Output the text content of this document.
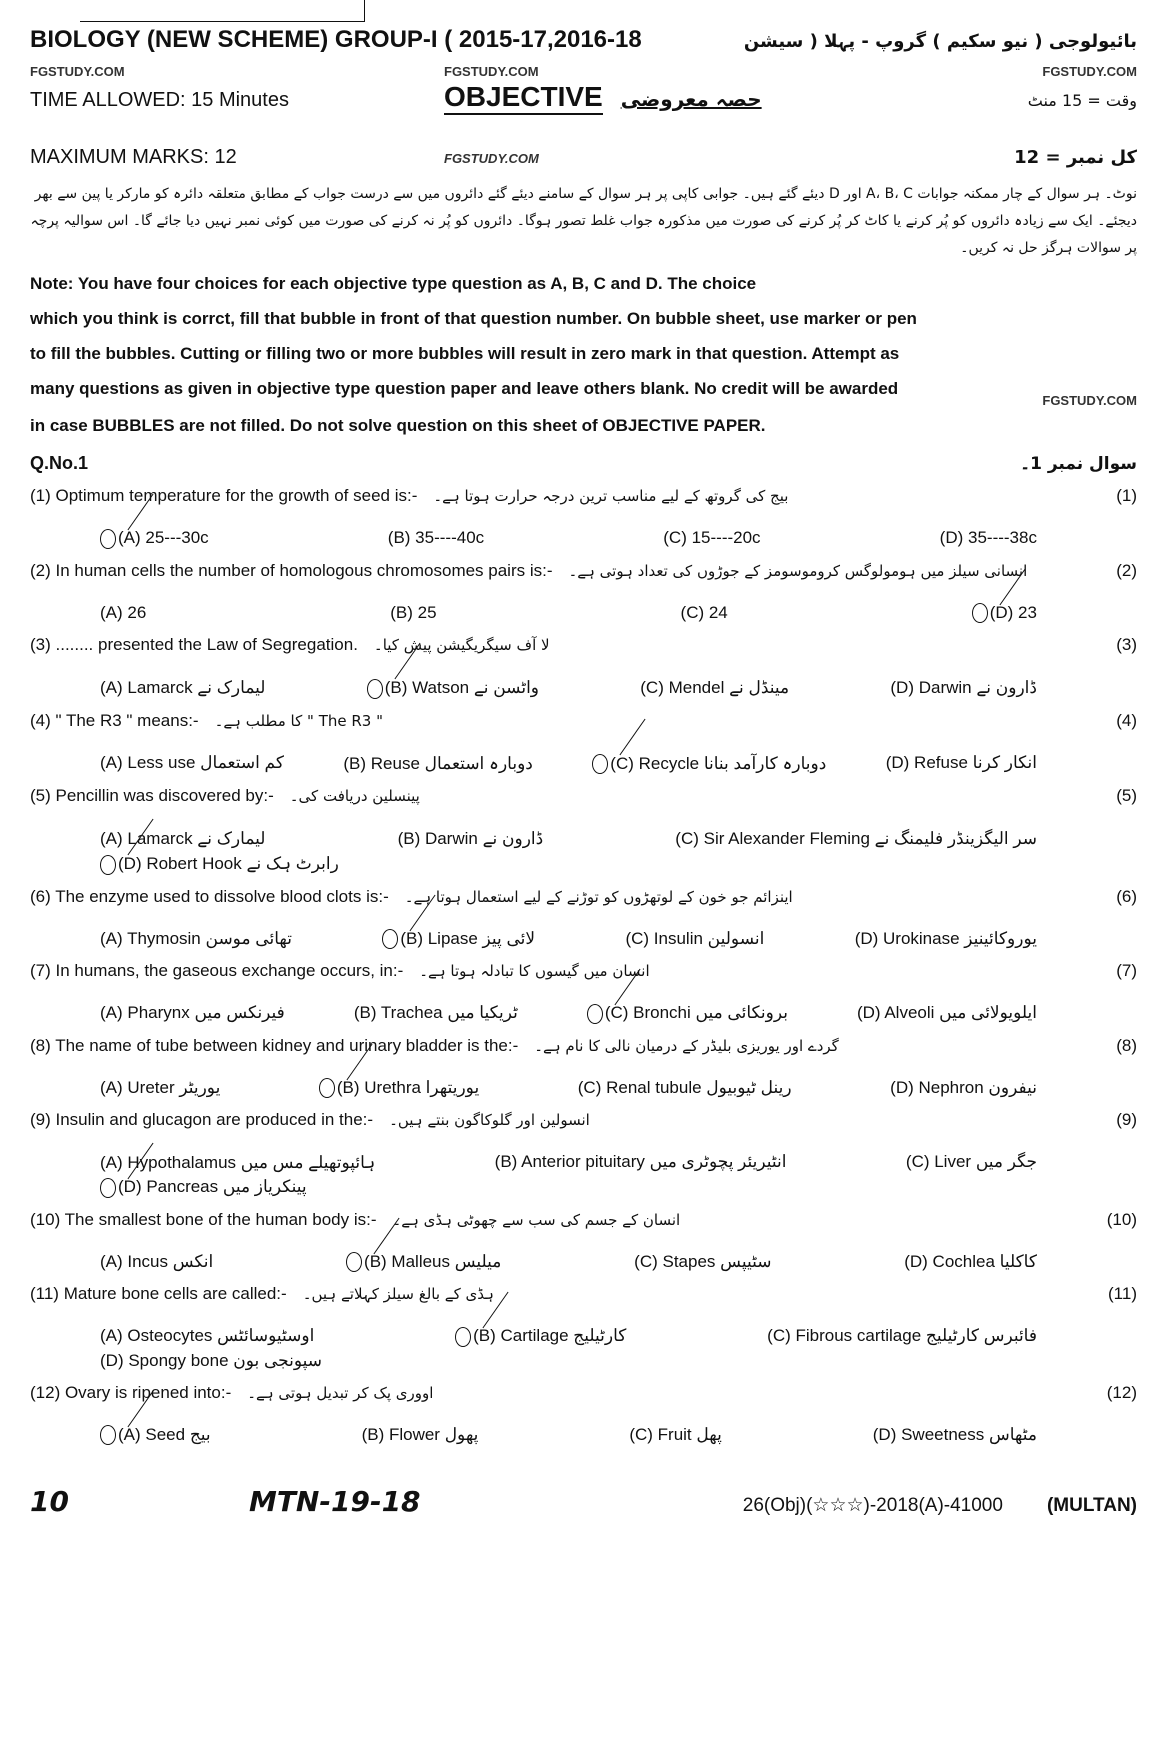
BIOLOGY (NEW SCHEME) GROUP-I ( 2015-17,2016-18	بائیولوجی ( نیو سکیم ) گروپ - پہلا ( سیشن
FGSTUDY.COM	FGSTUDY.COM	FGSTUDY.COM
TIME ALLOWED: 15 Minutes	OBJECTIVE حصہ معروضی	وقت = 15 منٹ
MAXIMUM MARKS: 12	FGSTUDY.COM	کل نمبر = 12
نوٹ۔ ہر سوال کے چار ممکنہ جوابات A، B، C اور D دیئے گئے ہیں۔ جوابی کاپی پر ہر سوال کے سامنے دیئے گئے دائروں میں سے درست جواب کے مطابق متعلقہ دائرہ کو مارکر یا پین سے بھر دیجئے۔ ایک سے زیادہ دائروں کو پُر کرنے یا کاٹ کر پُر کرنے کی صورت میں مذکورہ جواب غلط تصور ہوگا۔ دائروں کو پُر نہ کرنے کی صورت میں کوئی نمبر نہیں دیا جائے گا۔ اس سوالیہ پرچہ پر سوالات ہرگز حل نہ کریں۔
Note: You have four choices for each objective type question as A, B, C and D. The choice
which you think is corrct, fill that bubble in front of that question number. On bubble sheet, use marker or pen
to fill the bubbles. Cutting or filling two or more bubbles will result in zero mark in that question. Attempt as
many questions as given in objective type question paper and leave others blank. No credit will be awarded
FGSTUDY.COM
in case BUBBLES are not filled. Do not solve question on this sheet of OBJECTIVE PAPER.
Q.No.1	سوال نمبر 1۔
(1) Optimum temperature for the growth of seed is:- بیج کی گروتھ کے لیے مناسب ترین درجہ حرارت ہوتا ہے۔	(1)
(A) 25---30c	(B) 35----40c	(C) 15----20c	(D) 35----38c
(2) In human cells the number of homologous chromosomes pairs is:- انسانی سیلز میں ہومولوگس کروموسومز کے جوڑوں کی تعداد ہوتی ہے۔	(2)
(A) 26	(B) 25	(C) 24	(D) 23
(3) ........ presented the Law of Segregation. لا آف سیگریگیشن پیش کیا۔	(3)
(A) Lamarck لیمارک نے	(B) Watson واٹسن نے	(C) Mendel مینڈل نے	(D) Darwin ڈارون نے
(4) " The R3 " means:- " The R3 " کا مطلب ہے۔	(4)
(A) Less use کم استعمال	(B) Reuse دوبارہ استعمال	(C) Recycle دوبارہ کارآمد بنانا	(D) Refuse انکار کرنا
(5) Pencillin was discovered by:- پینسلین دریافت کی۔	(5)
(A) Lamarck لیمارک نے	(B) Darwin ڈارون نے	(C) Sir Alexander Fleming سر الیگزینڈر فلیمنگ نے
(D) Robert Hook رابرٹ ہک نے
(6) The enzyme used to dissolve blood clots is:- اینزائم جو خون کے لوتھڑوں کو توڑنے کے لیے استعمال ہوتا ہے۔	(6)
(A) Thymosin تھائی موسن	(B) Lipase لائی پیز	(C) Insulin انسولین	(D) Urokinase یوروکائینیز
(7) In humans, the gaseous exchange occurs, in:- انسان میں گیسوں کا تبادلہ ہوتا ہے۔	(7)
(A) Pharynx فیرنکس میں	(B) Trachea ٹریکیا میں	(C) Bronchi برونکائی میں	(D) Alveoli ایلویولائی میں
(8) The name of tube between kidney and urinary bladder is the:- گردے اور یوریزی بلیڈر کے درمیان نالی کا نام ہے۔	(8)
(A) Ureter یوریٹر	(B) Urethra یوریتھرا	(C) Renal tubule رینل ٹیوبیول	(D) Nephron نیفرون
(9) Insulin and glucagon are produced in the:- انسولین اور گلوکاگون بنتے ہیں۔	(9)
(A) Hypothalamus ہائپوتھیلے مس میں	(B) Anterior pituitary انٹیریئر پچوٹری میں	(C) Liver جگر میں
(D) Pancreas پینکریاز میں
(10) The smallest bone of the human body is:- انسان کے جسم کی سب سے چھوٹی ہڈی ہے۔	(10)
(A) Incus انکس	(B) Malleus میلیس	(C) Stapes سٹیپس	(D) Cochlea کاکلیا
(11) Mature bone cells are called:- ہڈی کے بالغ سیلز کہلاتے ہیں۔	(11)
(A) Osteocytes اوسٹیوسائٹس	(B) Cartilage کارٹیلیج	(C) Fibrous cartilage فائبرس کارٹیلیج
(D) Spongy bone سپونجی بون
(12) Ovary is ripened into:- اووری پک کر تبدیل ہوتی ہے۔	(12)
(A) Seed بیج	(B) Flower پھول	(C) Fruit پھل	(D) Sweetness مٹھاس
10	MTN-19-18	26(Obj)(☆☆☆)-2018(A)-41000 (MULTAN)
